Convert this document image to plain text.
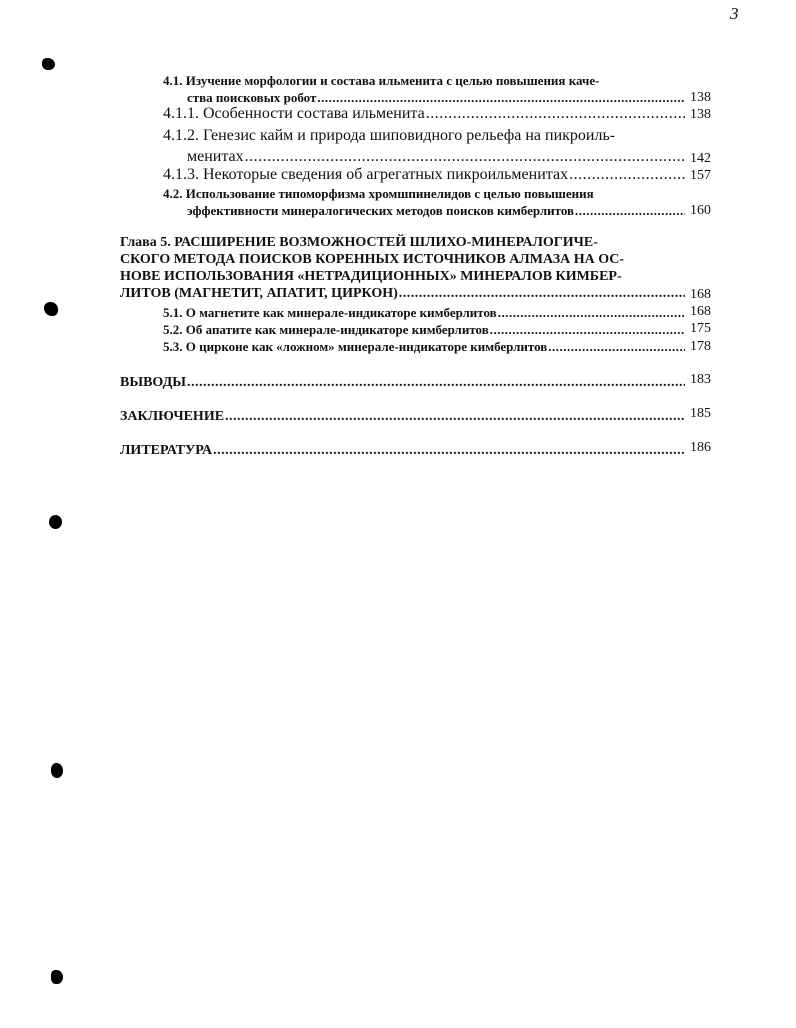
3
4.1. Изучение морфологии и состава ильменита с целью повышения каче-
ства поисковых робот .....	138
4.1.1. Особенности состава ильменита .....	138
4.1.2. Генезис кайм и природа шиповидного рельефа на пикроиль-
менитах .....	142
4.1.3. Некоторые сведения об агрегатных пикроильменитах .....	157
4.2. Использование типоморфизма хромшпинелидов с целью повышения
эффективности минералогических методов поисков кимберлитов .....	160
Глава 5. РАСШИРЕНИЕ ВОЗМОЖНОСТЕЙ ШЛИХО-МИНЕРАЛОГИЧЕ-
СКОГО МЕТОДА ПОИСКОВ КОРЕННЫХ ИСТОЧНИКОВ АЛМАЗА НА ОС-
НОВЕ ИСПОЛЬЗОВАНИЯ «НЕТРАДИЦИОННЫХ» МИНЕРАЛОВ КИМБЕР-
ЛИТОВ (МАГНЕТИТ, АПАТИТ, ЦИРКОН) .....	168
5.1. О магнетите как минерале-индикаторе кимберлитов .....	168
5.2. Об апатите как минерале-индикаторе кимберлитов .....	175
5.3. О цирконе как «ложном» минерале-индикаторе кимберлитов .....	178
ВЫВОДЫ .....	183
ЗАКЛЮЧЕНИЕ .....	185
ЛИТЕРАТУРА .....	186
